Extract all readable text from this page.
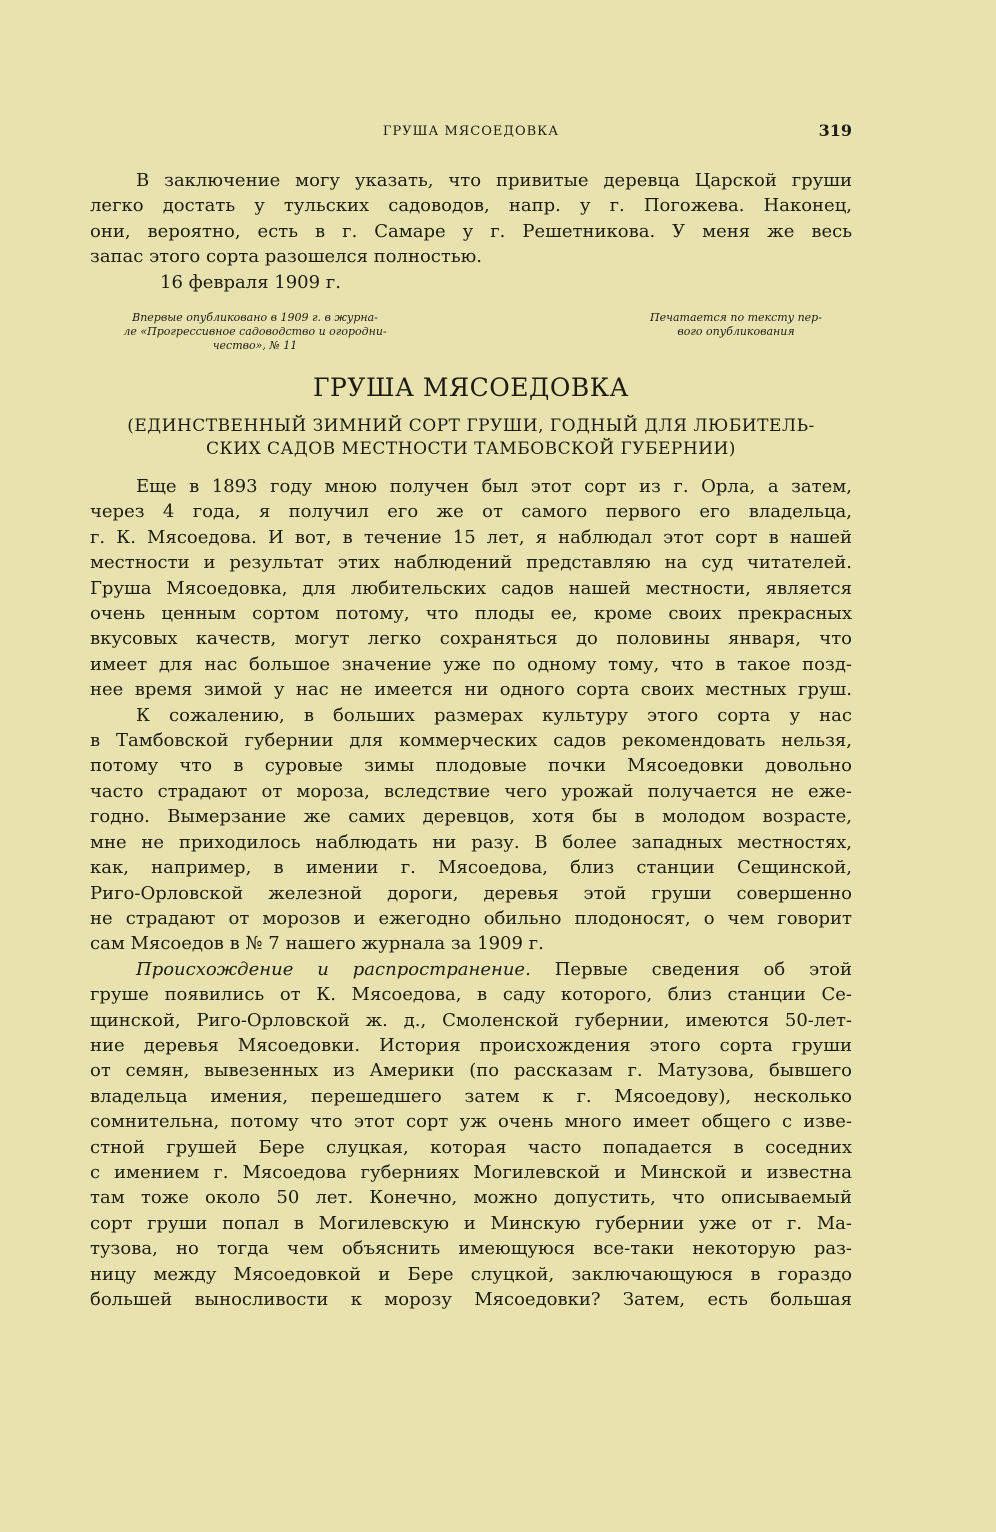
ГРУША МЯСОЕДОВКА	319

В заключение могу указать, что привитые деревца Царской груши
легко достать у тульских садоводов, напр. у г. Погожева. Наконец,
они, вероятно, есть в г. Самаре у г. Решетникова. У меня же весь
запас этого сорта разошелся полностью.

16 февраля 1909 г.
Впервые опубликовано в 1909 г. в журна-
ле «Прогрессивное садоводство и огородни-
чество», № 11
Печатается по тексту пер-
вого опубликования
ГРУША МЯСОЕДОВКА
(ЕДИНСТВЕННЫЙ ЗИМНИЙ СОРТ ГРУШИ, ГОДНЫЙ ДЛЯ ЛЮБИТЕЛЬ-
СКИХ САДОВ МЕСТНОСТИ ТАМБОВСКОЙ ГУБЕРНИИ)

Еще в 1893 году мною получен был этот сорт из г. Орла, а затем,
через 4 года, я получил его же от самого первого его владельца,
г. К. Мясоедова. И вот, в течение 15 лет, я наблюдал этот сорт в нашей
местности и результат этих наблюдений представляю на суд читателей.
Груша Мясоедовка, для любительских садов нашей местности, является
очень ценным сортом потому, что плоды ее, кроме своих прекрасных
вкусовых качеств, могут легко сохраняться до половины января, что
имеет для нас большое значение уже по одному тому, что в такое позд-
нее время зимой у нас не имеется ни одного сорта своих местных груш.

К сожалению, в больших размерах культуру этого сорта у нас
в Тамбовской губернии для коммерческих садов рекомендовать нельзя,
потому что в суровые зимы плодовые почки Мясоедовки довольно
часто страдают от мороза, вследствие чего урожай получается не еже-
годно. Вымерзание же самих деревцов, хотя бы в молодом возрасте,
мне не приходилось наблюдать ни разу. В более западных местностях,
как, например, в имении г. Мясоедова, близ станции Сещинской,
Риго-Орловской железной дороги, деревья этой груши совершенно
не страдают от морозов и ежегодно обильно плодоносят, о чем говорит
сам Мясоедов в № 7 нашего журнала за 1909 г.

Происхождение и распространение. Первые сведения об этой
груше появились от К. Мясоедова, в саду которого, близ станции Се-
щинской, Риго-Орловской ж. д., Смоленской губернии, имеются 50-лет-
ние деревья Мясоедовки. История происхождения этого сорта груши
от семян, вывезенных из Америки (по рассказам г. Матузова, бывшего
владельца имения, перешедшего затем к г. Мясоедову), несколько
сомнительна, потому что этот сорт уж очень много имеет общего с изве-
стной грушей Бере слуцкая, которая часто попадается в соседних
с имением г. Мясоедова губерниях Могилевской и Минской и известна
там тоже около 50 лет. Конечно, можно допустить, что описываемый
сорт груши попал в Могилевскую и Минскую губернии уже от г. Ма-
тузова, но тогда чем объяснить имеющуюся все-таки некоторую раз-
ницу между Мясоедовкой и Бере слуцкой, заключающуюся в гораздо
большей выносливости к морозу Мясоедовки? Затем, есть большая
